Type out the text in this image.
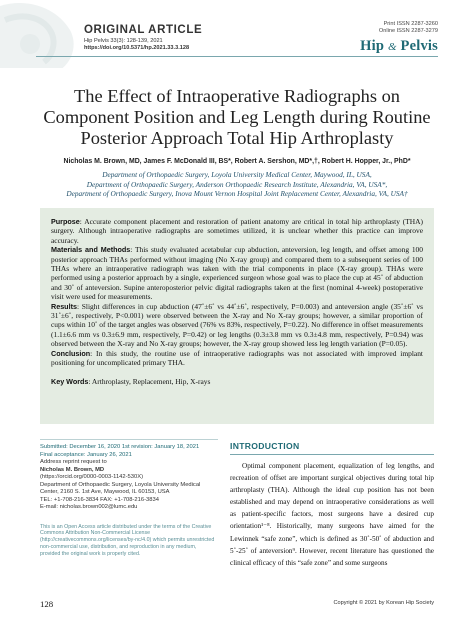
ORIGINAL ARTICLE
Hip Pelvis 33(3): 128-139, 2021
https://doi.org/10.5371/hp.2021.33.3.128
Print ISSN 2287-3260
Online ISSN 2287-3279
Hip & Pelvis
The Effect of Intraoperative Radiographs on Component Position and Leg Length during Routine Posterior Approach Total Hip Arthroplasty
Nicholas M. Brown, MD, James F. McDonald III, BS*, Robert A. Sershon, MD*,†, Robert H. Hopper, Jr., PhD*
Department of Orthopaedic Surgery, Loyola University Medical Center, Maywood, IL, USA,
Department of Orthopaedic Surgery, Anderson Orthopaedic Research Institute, Alexandria, VA, USA*,
Department of Orthopaedic Surgery, Inova Mount Vernon Hospital Joint Replacement Center, Alexandria, VA, USA†

Purpose: Accurate component placement and restoration of patient anatomy are critical in total hip arthroplasty (THA) surgery. Although intraoperative radiographs are sometimes utilized, it is unclear whether this practice can improve accuracy.

Materials and Methods: This study evaluated acetabular cup abduction, anteversion, leg length, and offset among 100 posterior approach THAs performed without imaging (No X-ray group) and compared them to a subsequent series of 100 THAs where an intraoperative radiograph was taken with the trial components in place (X-ray group). THAs were performed using a posterior approach by a single, experienced surgeon whose goal was to place the cup at 45˚ of abduction and 30˚ of anteversion. Supine anteroposterior pelvic digital radiographs taken at the first (nominal 4-week) postoperative visit were used for measurements.

Results: Slight differences in cup abduction (47˚±6˚ vs 44˚±6˚, respectively, P=0.003) and anteversion angle (35˚±6˚ vs 31˚±6˚, respectively, P<0.001) were observed between the X-ray and No X-ray groups; however, a similar proportion of cups within 10˚ of the target angles was observed (76% vs 83%, respectively, P=0.22). No difference in offset measurements (1.1±6.6 mm vs 0.3±6.9 mm, respectively, P=0.42) or leg lengths (0.3±3.8 mm vs 0.3±4.8 mm, respectively, P=0.94) was observed between the X-ray and No X-ray groups; however, the X-ray group showed less leg length variation (P=0.05).

Conclusion: In this study, the routine use of intraoperative radiographs was not associated with improved implant positioning for uncomplicated primary THA.

Key Words: Arthroplasty, Replacement, Hip, X-rays

Submitted: December 16, 2020 1st revision: January 18, 2021
Final acceptance: January 26, 2021
Address reprint request to
Nicholas M. Brown, MD
(https://orcid.org/0000-0003-1142-530X)
Department of Orthopaedic Surgery, Loyola University Medical Center, 2160 S. 1st Ave, Maywood, IL 60153, USA
TEL: +1-708-216-3834 FAX: +1-708-216-3834
E-mail: nicholas.brown002@lumc.edu
This is an Open Access article distributed under the terms of the Creative Commons Attribution Non-Commercial License (http://creativecommons.org/licenses/by-nc/4.0) which permits unrestricted non-commercial use, distribution, and reproduction in any medium, provided the original work is properly cited.
INTRODUCTION

Optimal component placement, equalization of leg lengths, and recreation of offset are important surgical objectives during total hip arthroplasty (THA). Although the ideal cup position has not been established and may depend on intraoperative considerations as well as patient-specific factors, most surgeons have a desired cup orientation¹⁻⁸. Historically, many surgeons have aimed for the Lewinnek “safe zone”, which is defined as 30˚-50˚ of abduction and 5˚-25˚ of anteversion⁹. However, recent literature has questioned the clinical efficacy of this “safe zone” and some surgeons

128	Copyright © 2021 by Korean Hip Society
